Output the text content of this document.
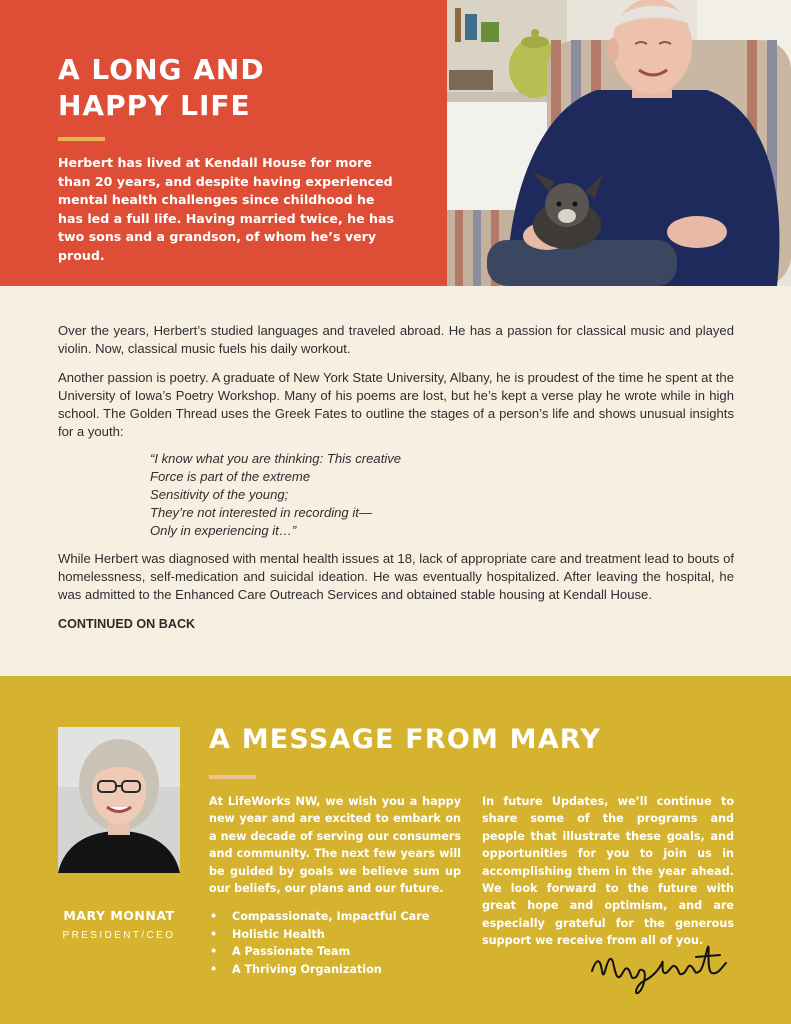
A LONG AND
HAPPY LIFE

Herbert has lived at Kendall House for more than 20 years, and despite having experienced mental health challenges since childhood he has led a full life. Having married twice, he has two sons and a grandson, of whom he’s very proud.

Over the years, Herbert’s studied languages and traveled abroad. He has a passion for classical music and played violin. Now, classical music fuels his daily workout.

Another passion is poetry. A graduate of New York State University, Albany, he is proudest of the time he spent at the University of Iowa’s Poetry Workshop. Many of his poems are lost, but he’s kept a verse play he wrote while in high school. The Golden Thread uses the Greek Fates to outline the stages of a person’s life and shows unusual insights for a youth:

“I know what you are thinking: This creative
Force is part of the extreme
Sensitivity of the young;
They’re not interested in recording it—
Only in experiencing it…”

While Herbert was diagnosed with mental health issues at 18, lack of appropriate care and treatment lead to bouts of homelessness, self-medication and suicidal ideation. He was eventually hospitalized. After leaving the hospital, he was admitted to the Enhanced Care Outreach Services and obtained stable housing at Kendall House.

CONTINUED ON BACK
MARY MONNAT
PRESIDENT/CEO
A MESSAGE FROM MARY

At LifeWorks NW, we wish you a happy new year and are excited to embark on a new decade of serving our consumers and community. The next few years will be guided by goals we believe sum up our beliefs, our plans and our future.

• Compassionate, Impactful Care
• Holistic Health
• A Passionate Team
• A Thriving Organization

In future Updates, we’ll continue to share some of the programs and people that illustrate these goals, and opportunities for you to join us in accomplishing them in the year ahead. We look forward to the future with great hope and optimism, and are especially grateful for the generous support we receive from all of you.
